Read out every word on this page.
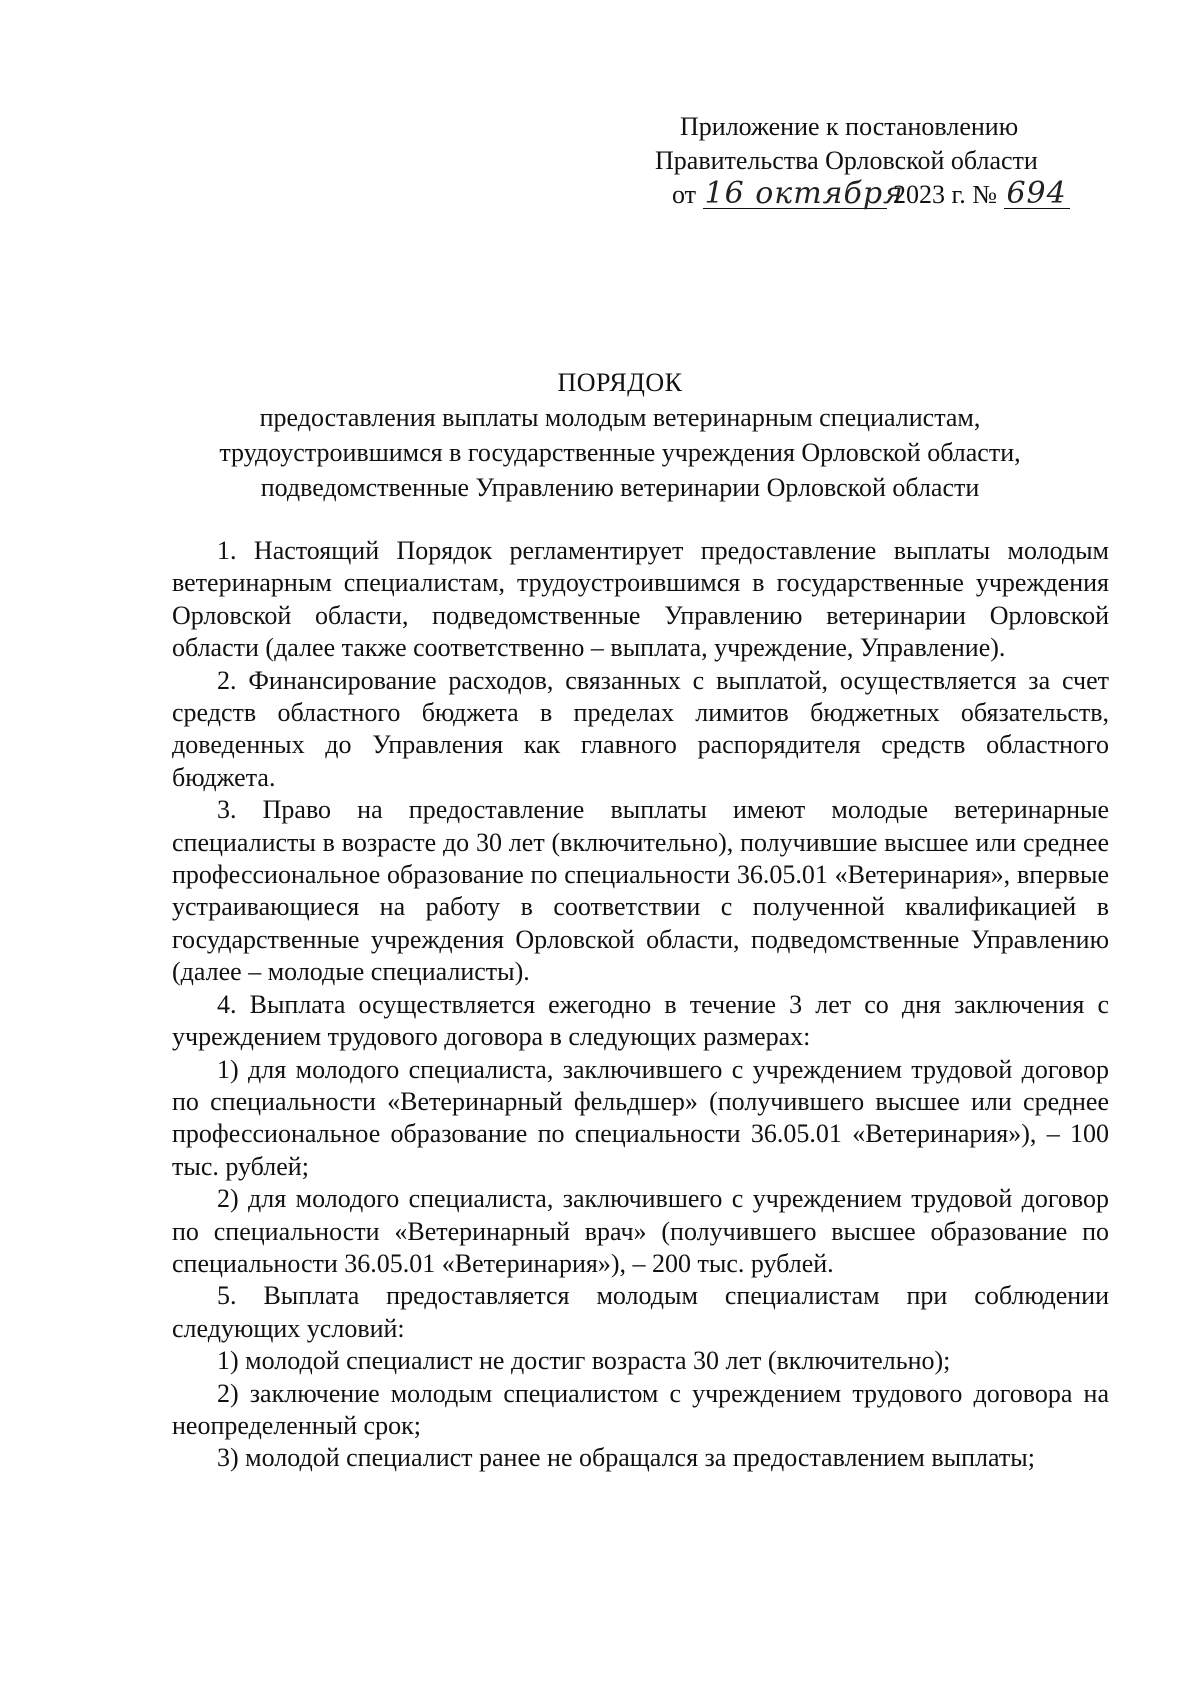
Приложение к постановлению
Правительства Орловской области
от 16 октября 2023 г. № 694
ПОРЯДОК
предоставления выплаты молодым ветеринарным специалистам,
трудоустроившимся в государственные учреждения Орловской области,
подведомственные Управлению ветеринарии Орловской области

1. Настоящий Порядок регламентирует предоставление выплаты молодым ветеринарным специалистам, трудоустроившимся в государственные учреждения Орловской области, подведомственные Управлению ветеринарии Орловской области (далее также соответственно – выплата, учреждение, Управление).

2. Финансирование расходов, связанных с выплатой, осуществляется за счет средств областного бюджета в пределах лимитов бюджетных обязательств, доведенных до Управления как главного распорядителя средств областного бюджета.

3. Право на предоставление выплаты имеют молодые ветеринарные специалисты в возрасте до 30 лет (включительно), получившие высшее или среднее профессиональное образование по специальности 36.05.01 «Ветеринария», впервые устраивающиеся на работу в соответствии с полученной квалификацией в государственные учреждения Орловской области, подведомственные Управлению (далее – молодые специалисты).

4. Выплата осуществляется ежегодно в течение 3 лет со дня заключения с учреждением трудового договора в следующих размерах:

1) для молодого специалиста, заключившего с учреждением трудовой договор по специальности «Ветеринарный фельдшер» (получившего высшее или среднее профессиональное образование по специальности 36.05.01 «Ветеринария»), – 100 тыс. рублей;

2) для молодого специалиста, заключившего с учреждением трудовой договор по специальности «Ветеринарный врач» (получившего высшее образование по специальности 36.05.01 «Ветеринария»), – 200 тыс. рублей.

5. Выплата предоставляется молодым специалистам при соблюдении следующих условий:

1) молодой специалист не достиг возраста 30 лет (включительно);

2) заключение молодым специалистом с учреждением трудового договора на неопределенный срок;

3) молодой специалист ранее не обращался за предоставлением выплаты;
